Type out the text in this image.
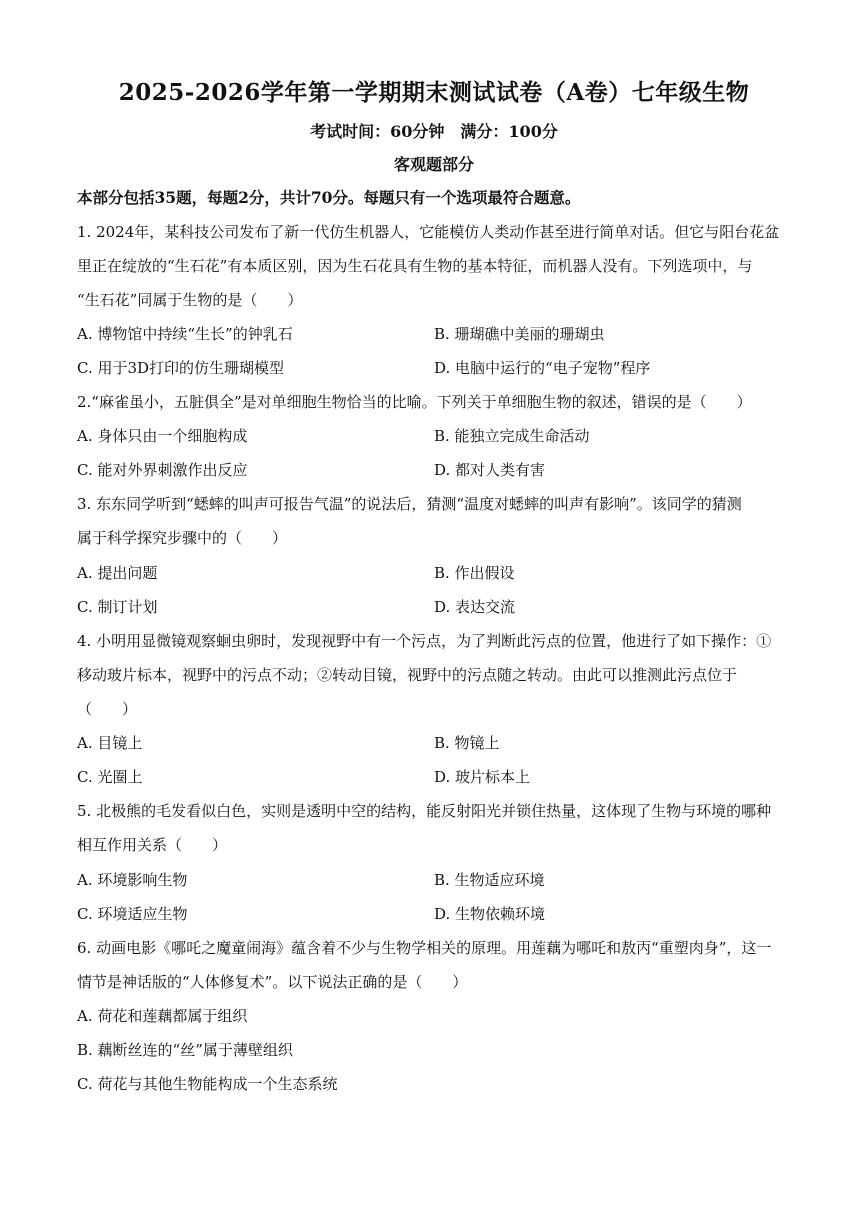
2025-2026学年第一学期期末测试试卷（A卷）七年级生物
考试时间：60分钟　满分：100分
客观题部分
本部分包括35题，每题2分，共计70分。每题只有一个选项最符合题意。
1. 2024年，某科技公司发布了新一代仿生机器人，它能模仿人类动作甚至进行简单对话。但它与阳台花盆
里正在绽放的“生石花”有本质区别，因为生石花具有生物的基本特征，而机器人没有。下列选项中，与
“生石花”同属于生物的是（　　）
A. 博物馆中持续“生长”的钟乳石	B. 珊瑚礁中美丽的珊瑚虫
C. 用于3D打印的仿生珊瑚模型	D. 电脑中运行的“电子宠物”程序
2.“麻雀虽小，五脏俱全”是对单细胞生物恰当的比喻。下列关于单细胞生物的叙述，错误的是（　　）
A. 身体只由一个细胞构成	B. 能独立完成生命活动
C. 能对外界刺激作出反应	D. 都对人类有害
3. 东东同学听到“蟋蟀的叫声可报告气温”的说法后，猜测“温度对蟋蟀的叫声有影响”。该同学的猜测
属于科学探究步骤中的（　　）
A. 提出问题	B. 作出假设
C. 制订计划	D. 表达交流
4. 小明用显微镜观察蛔虫卵时，发现视野中有一个污点，为了判断此污点的位置，他进行了如下操作：①
移动玻片标本，视野中的污点不动；②转动目镜，视野中的污点随之转动。由此可以推测此污点位于
（　　）
A. 目镜上	B. 物镜上
C. 光圈上	D. 玻片标本上
5. 北极熊的毛发看似白色，实则是透明中空的结构，能反射阳光并锁住热量，这体现了生物与环境的哪种
相互作用关系（　　）
A. 环境影响生物	B. 生物适应环境
C. 环境适应生物	D. 生物依赖环境
6. 动画电影《哪吒之魔童闹海》蕴含着不少与生物学相关的原理。用莲藕为哪吒和敖丙“重塑肉身”，这一
情节是神话版的“人体修复术”。以下说法正确的是（　　）
A. 荷花和莲藕都属于组织
B. 藕断丝连的“丝”属于薄壁组织
C. 荷花与其他生物能构成一个生态系统
